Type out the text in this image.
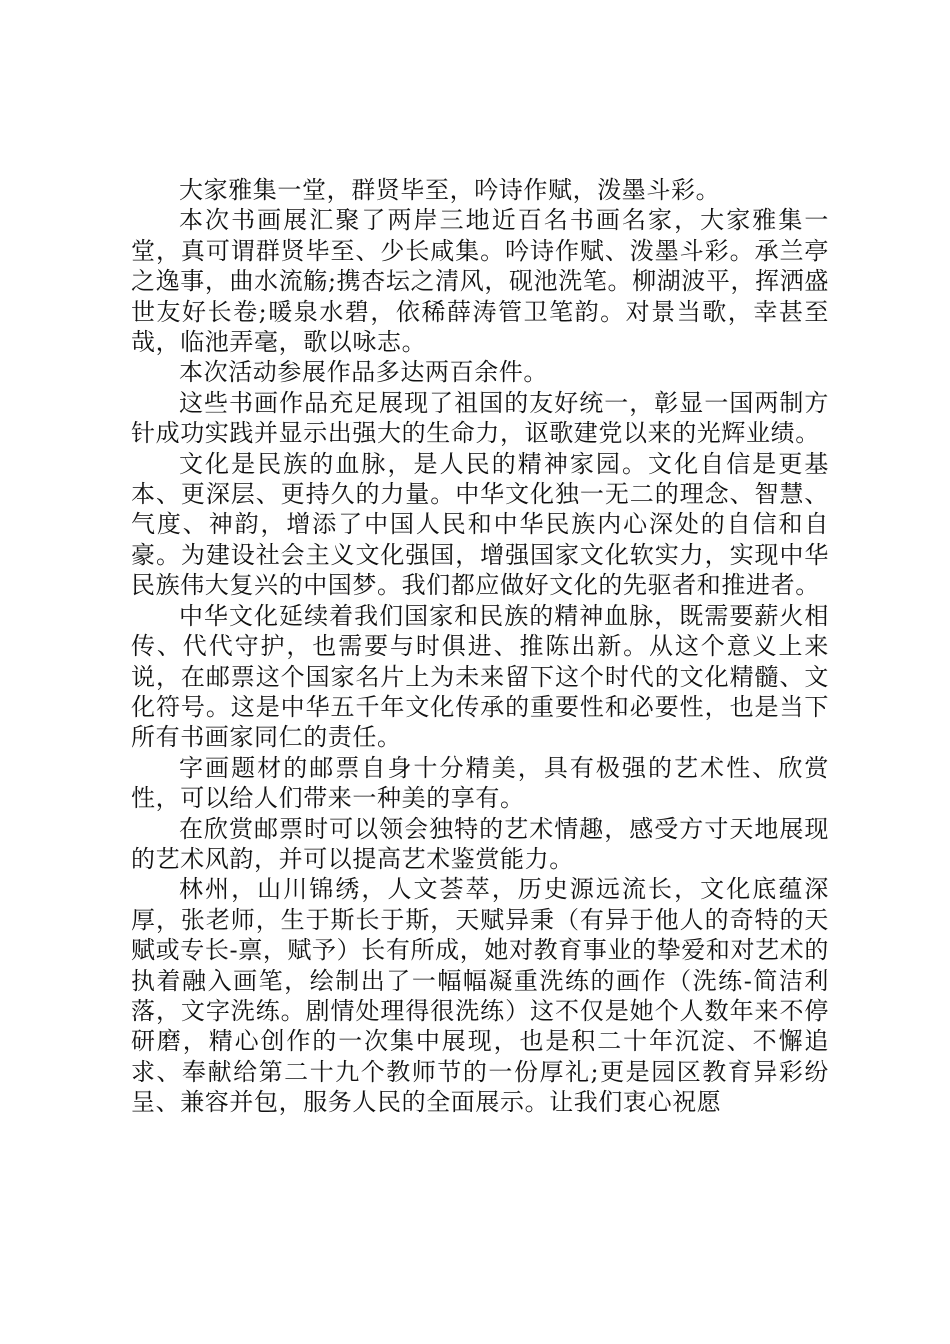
大家雅集一堂，群贤毕至，吟诗作赋，泼墨斗彩。

本次书画展汇聚了两岸三地近百名书画名家，大家雅集一堂，真可谓群贤毕至、少长咸集。吟诗作赋、泼墨斗彩。承兰亭之逸事，曲水流觞;携杏坛之清风，砚池洗笔。柳湖波平，挥洒盛世友好长卷;暖泉水碧，依稀薛涛管卫笔韵。对景当歌，幸甚至哉，临池弄毫，歌以咏志。

本次活动参展作品多达两百余件。

这些书画作品充足展现了祖国的友好统一，彰显一国两制方针成功实践并显示出强大的生命力，讴歌建党以来的光辉业绩。

文化是民族的血脉，是人民的精神家园。文化自信是更基本、更深层、更持久的力量。中华文化独一无二的理念、智慧、气度、神韵，增添了中国人民和中华民族内心深处的自信和自豪。为建设社会主义文化强国，增强国家文化软实力，实现中华民族伟大复兴的中国梦。我们都应做好文化的先驱者和推进者。

中华文化延续着我们国家和民族的精神血脉，既需要薪火相传、代代守护，也需要与时俱进、推陈出新。从这个意义上来说，在邮票这个国家名片上为未来留下这个时代的文化精髓、文化符号。这是中华五千年文化传承的重要性和必要性，也是当下所有书画家同仁的责任。

字画题材的邮票自身十分精美，具有极强的艺术性、欣赏性，可以给人们带来一种美的享有。

在欣赏邮票时可以领会独特的艺术情趣，感受方寸天地展现的艺术风韵，并可以提高艺术鉴赏能力。

林州，山川锦绣，人文荟萃，历史源远流长，文化底蕴深厚，张老师，生于斯长于斯，天赋异秉（有异于他人的奇特的天赋或专长-禀，赋予）长有所成，她对教育事业的挚爱和对艺术的执着融入画笔，绘制出了一幅幅凝重洗练的画作（洗练-简洁利落，文字洗练。剧情处理得很洗练）这不仅是她个人数年来不停研磨，精心创作的一次集中展现，也是积二十年沉淀、不懈追求、奉献给第二十九个教师节的一份厚礼;更是园区教育异彩纷呈、兼容并包，服务人民的全面展示。让我们衷心祝愿
